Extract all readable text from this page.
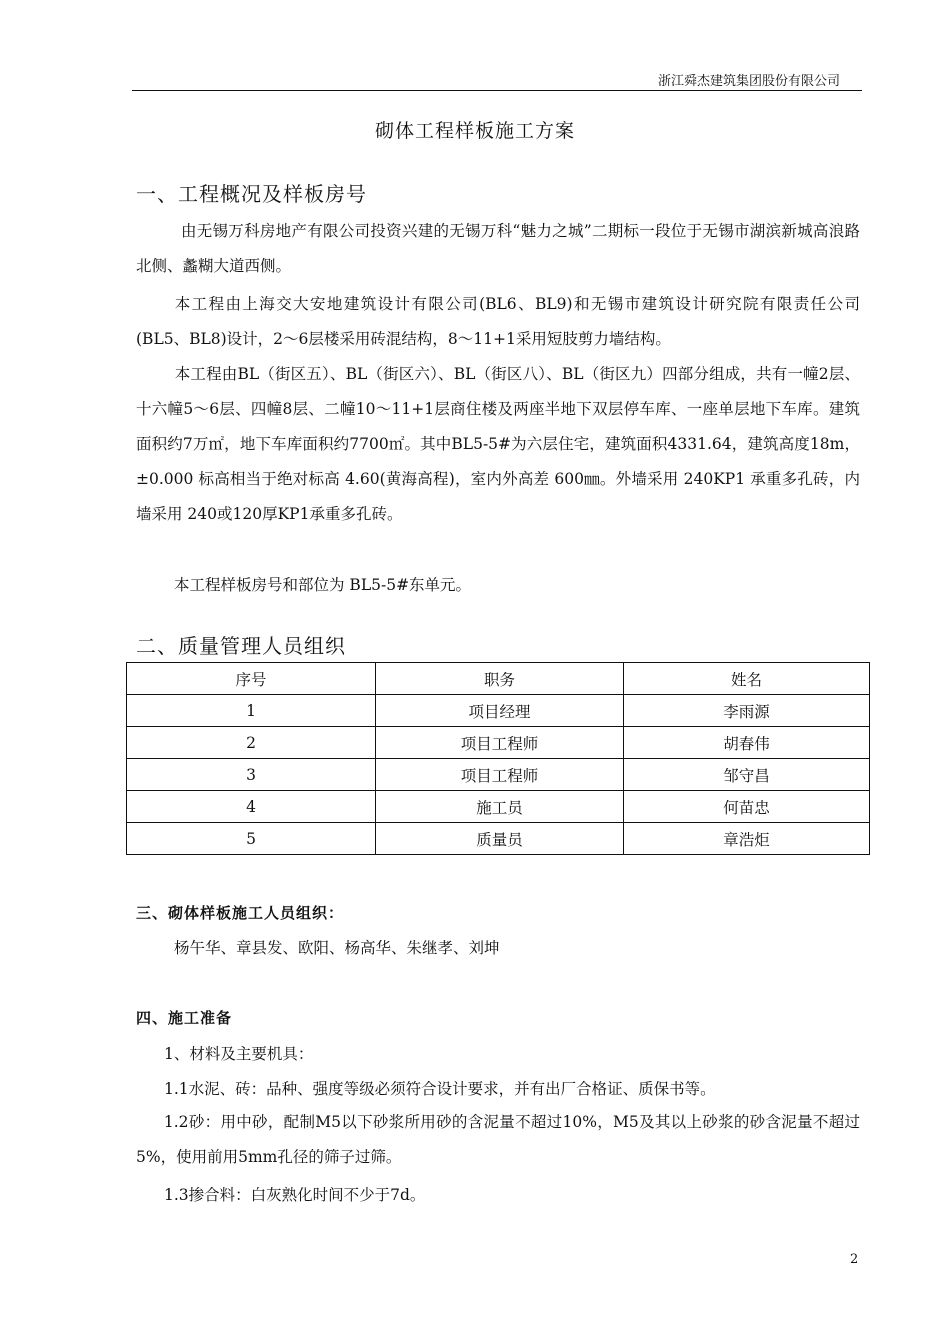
浙江舜杰建筑集团股份有限公司
砌体工程样板施工方案
一、工程概况及样板房号
由无锡万科房地产有限公司投资兴建的无锡万科“魅力之城”二期标一段位于无锡市湖滨新城高浪路北侧、蠡糊大道西侧。
本工程由上海交大安地建筑设计有限公司(BL6、BL9)和无锡市建筑设计研究院有限责任公司(BL5、BL8)设计，2～6层楼采用砖混结构，8～11+1采用短肢剪力墙结构。
本工程由BL（街区五）、BL（街区六）、BL（街区八）、BL（街区九）四部分组成，共有一幢2层、十六幢5～6层、四幢8层、二幢10～11+1层商住楼及两座半地下双层停车库、一座单层地下车库。建筑面积约7万㎡，地下车库面积约7700㎡。其中BL5-5#为六层住宅，建筑面积4331.64，建筑高度18m，±0.000 标高相当于绝对标高 4.60(黄海高程)，室内外高差 600㎜。外墙采用 240KP1 承重多孔砖，内墙采用 240或120厚KP1承重多孔砖。
本工程样板房号和部位为 BL5-5#东单元。
二、质量管理人员组织
序号	职务	姓名
1	项目经理	李雨源
2	项目工程师	胡春伟
3	项目工程师	邹守昌
4	施工员	何苗忠
5	质量员	章浩炬
三、砌体样板施工人员组织：
杨午华、章县发、欧阳、杨高华、朱继孝、刘坤
四、施工准备
1、材料及主要机具：
1.1水泥、砖：品种、强度等级必须符合设计要求，并有出厂合格证、质保书等。
1.2砂：用中砂，配制M5以下砂浆所用砂的含泥量不超过10%，M5及其以上砂浆的砂含泥量不超过5%，使用前用5mm孔径的筛子过筛。
1.3掺合料：白灰熟化时间不少于7d。
2
